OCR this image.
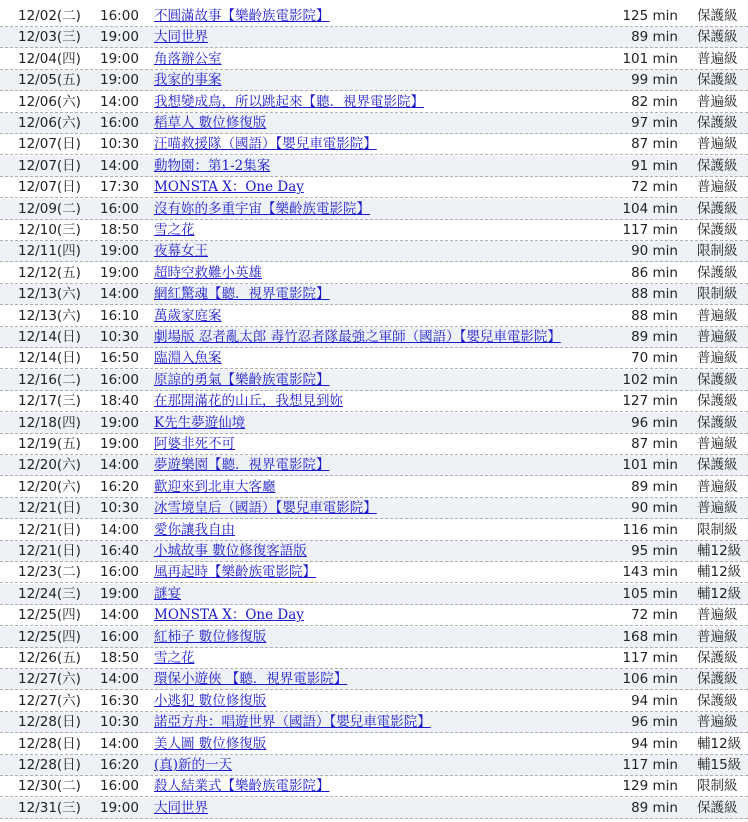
12/02(二) 16:00 不圓滿故事【樂齡族電影院】	125 min 保護級
12/03(三) 19:00 大同世界	89 min 保護級
12/04(四) 19:00 角落辦公室	101 min 普遍級
12/05(五) 19:00 我家的事案	99 min 保護級
12/06(六) 14:00 我想變成鳥，所以跳起來【聽．視界電影院】	82 min 普遍級
12/06(六) 16:00 稻草人 數位修復版	97 min 保護級
12/07(日) 10:30 汪喵救援隊（國語）【嬰兒車電影院】	87 min 普遍級
12/07(日) 14:00 動物園：第1-2集案	91 min 保護級
12/07(日) 17:30 MONSTA X：One Day	72 min 普遍級
12/09(二) 16:00 沒有妳的多重宇宙【樂齡族電影院】	104 min 保護級
12/10(三) 18:50 雪之花	117 min 保護級
12/11(四) 19:00 夜幕女王	90 min 限制級
12/12(五) 19:00 超時空救難小英雄	86 min 保護級
12/13(六) 14:00 網紅驚魂【聽．視界電影院】	88 min 限制級
12/13(六) 16:10 萬歲家庭案	88 min 普遍級
12/14(日) 10:30 劇場版 忍者亂太郎 毒竹忍者隊最強之軍師（國語）【嬰兒車電影院】	89 min 普遍級
12/14(日) 16:50 臨淵入魚案	70 min 普遍級
12/16(二) 16:00 原諒的勇氣【樂齡族電影院】	102 min 保護級
12/17(三) 18:40 在那開滿花的山丘，我想見到妳	127 min 保護級
12/18(四) 19:00 K先生夢遊仙境	96 min 保護級
12/19(五) 19:00 阿婆非死不可	87 min 普遍級
12/20(六) 14:00 夢遊樂園【聽．視界電影院】	101 min 保護級
12/20(六) 16:20 歡迎來到北車大客廳	89 min 普遍級
12/21(日) 10:30 冰雪境皇后（國語）【嬰兒車電影院】	90 min 普遍級
12/21(日) 14:00 愛你讓我自由	116 min 限制級
12/21(日) 16:40 小城故事 數位修復客語版	95 min 輔12級
12/23(二) 16:00 風再起時【樂齡族電影院】	143 min 輔12級
12/24(三) 19:00 謎宴	105 min 輔12級
12/25(四) 14:00 MONSTA X：One Day	72 min 普遍級
12/25(四) 16:00 紅柿子 數位修復版	168 min 普遍級
12/26(五) 18:50 雪之花	117 min 保護級
12/27(六) 14:00 環保小遊俠 【聽．視界電影院】	106 min 保護級
12/27(六) 16:30 小逃犯 數位修復版	94 min 保護級
12/28(日) 10:30 諾亞方舟：唱遊世界（國語）【嬰兒車電影院】	96 min 普遍級
12/28(日) 14:00 美人圖 數位修復版	94 min 輔12級
12/28(日) 16:20 (真)新的一天	117 min 輔15級
12/30(二) 16:00 殺人結業式【樂齡族電影院】	129 min 限制級
12/31(三) 19:00 大同世界	89 min 保護級
